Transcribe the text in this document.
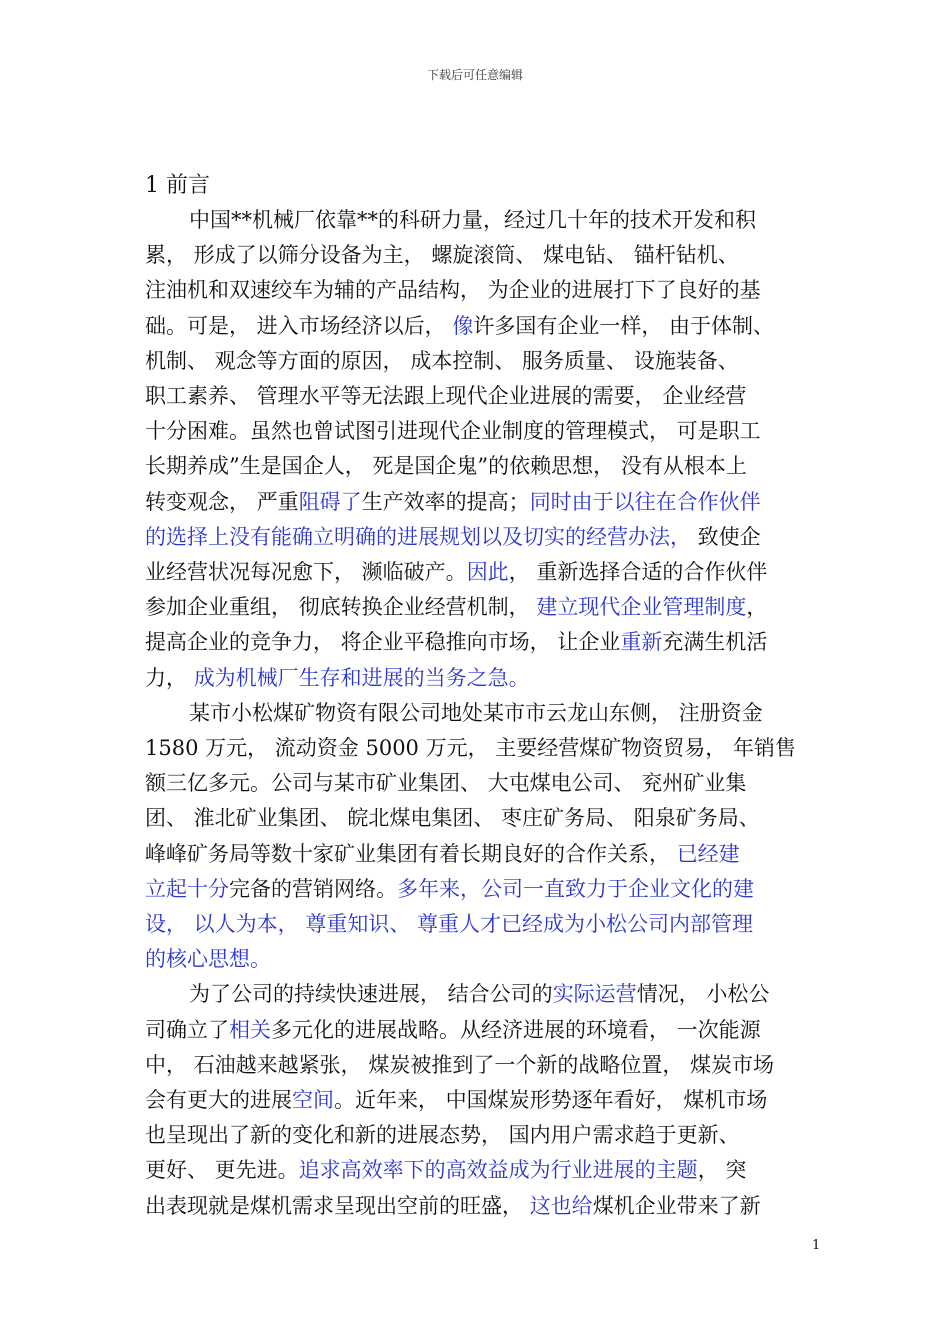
下载后可任意编辑
1 前言
中国**机械厂依靠**的科研力量，经过几十年的技术开发和积
累， 形成了以筛分设备为主， 螺旋滚筒、 煤电钻、 锚杆钻机、
注油机和双速绞车为辅的产品结构， 为企业的进展打下了良好的基
础。可是， 进入市场经济以后， 像许多国有企业一样， 由于体制、
机制、 观念等方面的原因， 成本控制、 服务质量、 设施装备、
职工素养、 管理水平等无法跟上现代企业进展的需要， 企业经营
十分困难。虽然也曾试图引进现代企业制度的管理模式， 可是职工
长期养成”生是国企人， 死是国企鬼”的依赖思想， 没有从根本上
转变观念， 严重阻碍了生产效率的提高；同时由于以往在合作伙伴
的选择上没有能确立明确的进展规划以及切实的经营办法， 致使企
业经营状况每况愈下， 濒临破产。因此， 重新选择合适的合作伙伴
参加企业重组， 彻底转换企业经营机制， 建立现代企业管理制度，
提高企业的竞争力， 将企业平稳推向市场， 让企业重新充满生机活
力， 成为机械厂生存和进展的当务之急。
某市小松煤矿物资有限公司地处某市市云龙山东侧， 注册资金
1580 万元， 流动资金 5000 万元， 主要经营煤矿物资贸易， 年销售
额三亿多元。公司与某市矿业集团、 大屯煤电公司、 兖州矿业集
团、 淮北矿业集团、 皖北煤电集团、 枣庄矿务局、 阳泉矿务局、
峰峰矿务局等数十家矿业集团有着长期良好的合作关系， 已经建
立起十分完备的营销网络。多年来，公司一直致力于企业文化的建
设， 以人为本， 尊重知识、 尊重人才已经成为小松公司内部管理
的核心思想。
为了公司的持续快速进展， 结合公司的实际运营情况， 小松公
司确立了相关多元化的进展战略。从经济进展的环境看， 一次能源
中， 石油越来越紧张， 煤炭被推到了一个新的战略位置， 煤炭市场
会有更大的进展空间。近年来， 中国煤炭形势逐年看好， 煤机市场
也呈现出了新的变化和新的进展态势， 国内用户需求趋于更新、
更好、 更先进。追求高效率下的高效益成为行业进展的主题， 突
出表现就是煤机需求呈现出空前的旺盛， 这也给煤机企业带来了新
1
